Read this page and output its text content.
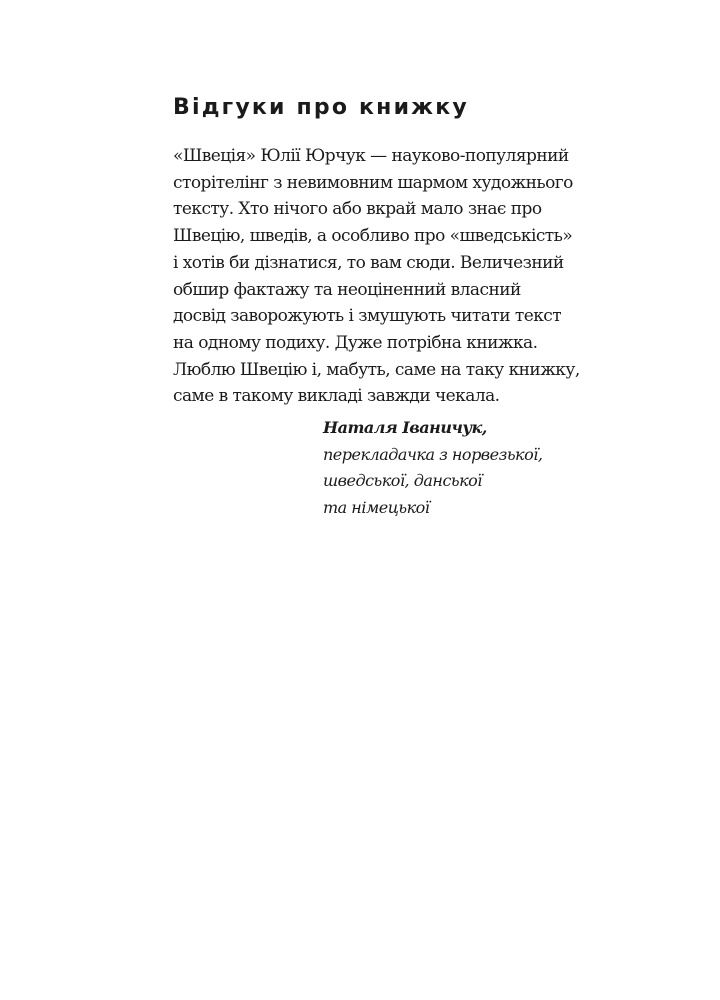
Відгуки про книжку
«Швеція» Юлії Юрчук — науково-популярний
сторітелінг з невимовним шармом художнього
тексту. Хто нічого або вкрай мало знає про
Швецію, шведів, а особливо про «шведськість»
і хотів би дізнатися, то вам сюди. Величезний
обшир фактажу та неоціненний власний
досвід заворожують і змушують читати текст
на одному подиху. Дуже потрібна книжка.
Люблю Швецію і, мабуть, саме на таку книжку,
саме в такому викладі завжди чекала.
Наталя Іваничук,
перекладачка з норвезької,
шведської, данської
та німецької
